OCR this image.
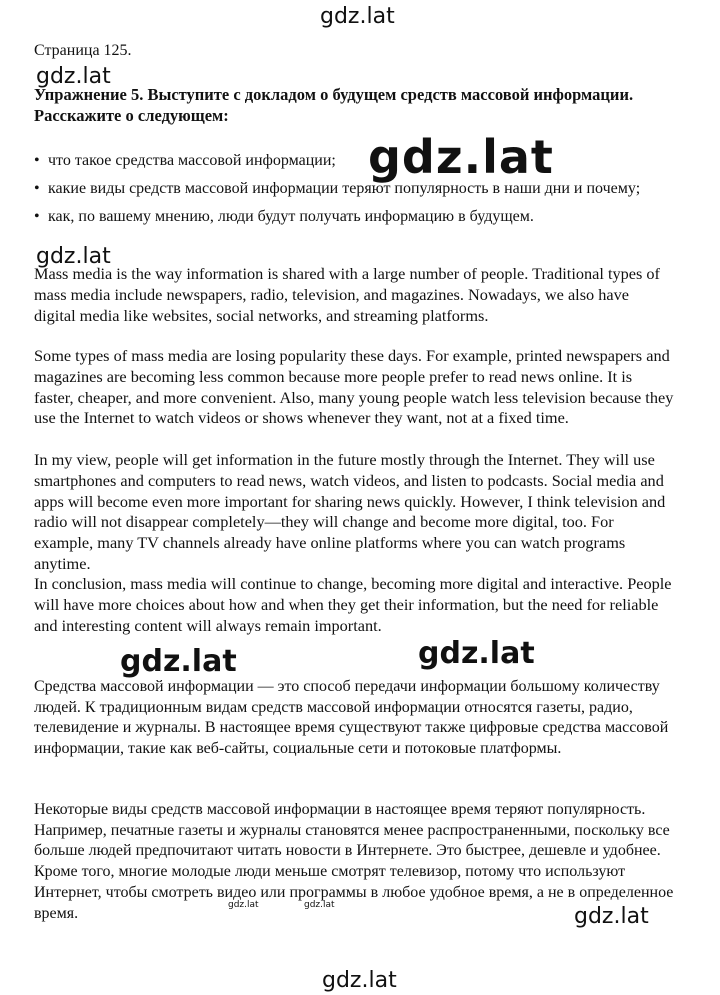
gdz.lat
gdz.lat
gdz.lat
gdz.lat
gdz.lat	gdz.lat
gdz.lat	gdz.lat	gdz.lat
gdz.lat
Страница 125.
Упражнение 5. Выступите с докладом о будущем средств массовой информации. Расскажите о следующем:
• что такое средства массовой информации;
• какие виды средств массовой информации теряют популярность в наши дни и почему;
• как, по вашему мнению, люди будут получать информацию в будущем.

Mass media is the way information is shared with a large number of people. Traditional types of mass media include newspapers, radio, television, and magazines. Nowadays, we also have digital media like websites, social networks, and streaming platforms.

Some types of mass media are losing popularity these days. For example, printed newspapers and magazines are becoming less common because more people prefer to read news online. It is faster, cheaper, and more convenient. Also, many young people watch less television because they use the Internet to watch videos or shows whenever they want, not at a fixed time.

In my view, people will get information in the future mostly through the Internet. They will use smartphones and computers to read news, watch videos, and listen to podcasts. Social media and apps will become even more important for sharing news quickly. However, I think television and radio will not disappear completely—they will change and become more digital, too. For example, many TV channels already have online platforms where you can watch programs anytime.

In conclusion, mass media will continue to change, becoming more digital and interactive. People will have more choices about how and when they get their information, but the need for reliable and interesting content will always remain important.

Средства массовой информации — это способ передачи информации большому количеству людей. К традиционным видам средств массовой информации относятся газеты, радио, телевидение и журналы. В настоящее время существуют также цифровые средства массовой информации, такие как веб-сайты, социальные сети и потоковые платформы.

Некоторые виды средств массовой информации в настоящее время теряют популярность. Например, печатные газеты и журналы становятся менее распространенными, поскольку все больше людей предпочитают читать новости в Интернете. Это быстрее, дешевле и удобнее. Кроме того, многие молодые люди меньше смотрят телевизор, потому что используют Интернет, чтобы смотреть видео или программы в любое удобное время, а не в определенное время.
